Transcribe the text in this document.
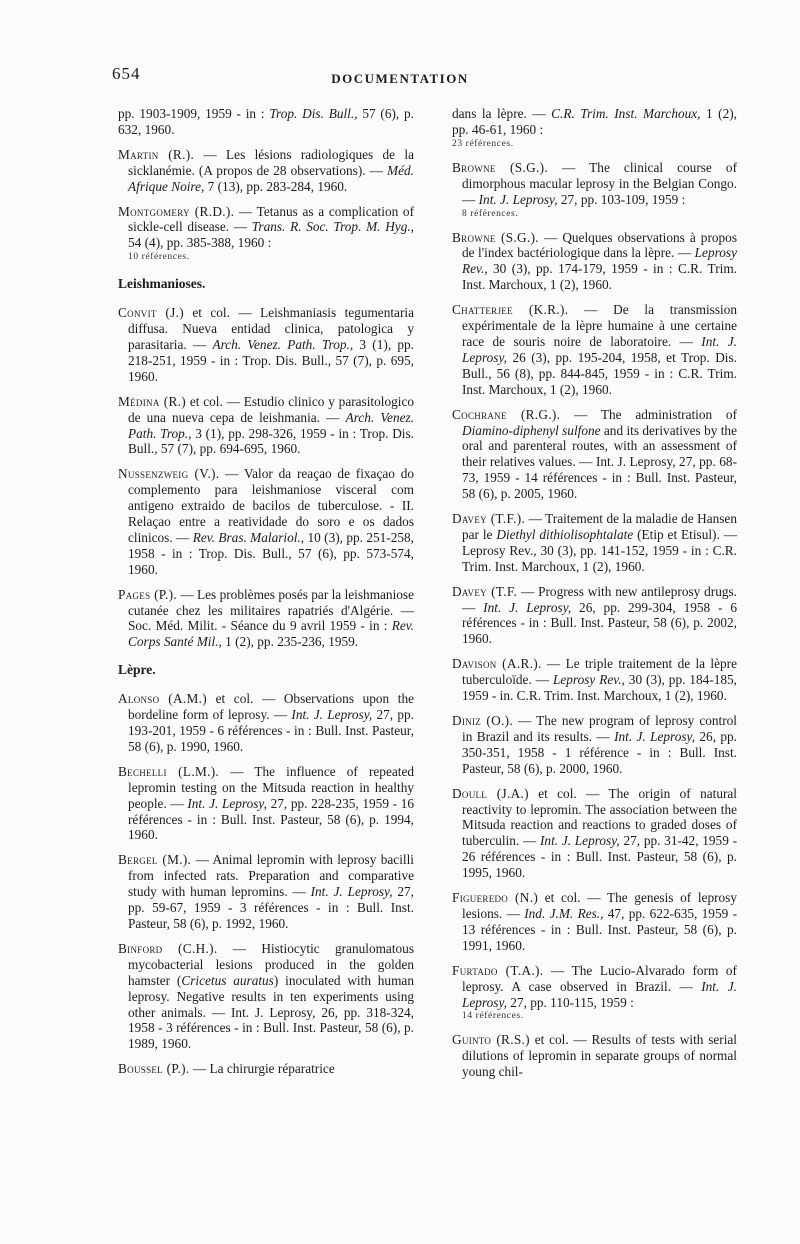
654	DOCUMENTATION
pp. 1903-1909, 1959 - in : Trop. Dis. Bull., 57 (6), p. 632, 1960.
Martin (R.). — Les lésions radiologiques de la sicklanémie. (A propos de 28 observations). — Méd. Afrique Noire, 7 (13), pp. 283-284, 1960.
Montgomery (R.D.). — Tetanus as a complication of sickle-cell disease. — Trans. R. Soc. Trop. M. Hyg., 54 (4), pp. 385-388, 1960 :
10 références.
Leishmanioses.
Convit (J.) et col. — Leishmaniasis tegumentaria diffusa. Nueva entidad clinica, patologica y parasitaria. — Arch. Venez. Path. Trop., 3 (1), pp. 218-251, 1959 - in : Trop. Dis. Bull., 57 (7), p. 695, 1960.
Médina (R.) et col. — Estudio clinico y parasitologico de una nueva cepa de leishmania. — Arch. Venez. Path. Trop., 3 (1), pp. 298-326, 1959 - in : Trop. Dis. Bull., 57 (7), pp. 694-695, 1960.
Nussenzweig (V.). — Valor da reaçao de fixaçao do complemento para leishmaniose visceral com antigeno extraido de bacilos de tuberculose. - II. Relaçao entre a reatividade do soro e os dados clinicos. — Rev. Bras. Malariol., 10 (3), pp. 251-258, 1958 - in : Trop. Dis. Bull., 57 (6), pp. 573-574, 1960.
Pages (P.). — Les problèmes posés par la leishmaniose cutanée chez les militaires rapatriés d'Algérie. — Soc. Méd. Milit. - Séance du 9 avril 1959 - in : Rev. Corps Santé Mil., 1 (2), pp. 235-236, 1959.
Lèpre.
Alonso (A.M.) et col. — Observations upon the bordeline form of leprosy. — Int. J. Leprosy, 27, pp. 193-201, 1959 - 6 références - in : Bull. Inst. Pasteur, 58 (6), p. 1990, 1960.
Bechelli (L.M.). — The influence of repeated lepromin testing on the Mitsuda reaction in healthy people. — Int. J. Leprosy, 27, pp. 228-235, 1959 - 16 références - in : Bull. Inst. Pasteur, 58 (6), p. 1994, 1960.
Bergel (M.). — Animal lepromin with leprosy bacilli from infected rats. Preparation and comparative study with human lepromins. — Int. J. Leprosy, 27, pp. 59-67, 1959 - 3 références - in : Bull. Inst. Pasteur, 58 (6), p. 1992, 1960.
Binford (C.H.). — Histiocytic granulomatous mycobacterial lesions produced in the golden hamster (Cricetus auratus) inoculated with human leprosy. Negative results in ten experiments using other animals. — Int. J. Leprosy, 26, pp. 318-324, 1958 - 3 références - in : Bull. Inst. Pasteur, 58 (6), p. 1989, 1960.
Boussel (P.). — La chirurgie réparatrice
dans la lèpre. — C.R. Trim. Inst. Marchoux, 1 (2), pp. 46-61, 1960 :
23 références.
Browne (S.G.). — The clinical course of dimorphous macular leprosy in the Belgian Congo. — Int. J. Leprosy, 27, pp. 103-109, 1959 :
8 références.
Browne (S.G.). — Quelques observations à propos de l'index bactériologique dans la lèpre. — Leprosy Rev., 30 (3), pp. 174-179, 1959 - in : C.R. Trim. Inst. Marchoux, 1 (2), 1960.
Chatterjee (K.R.). — De la transmission expérimentale de la lèpre humaine à une certaine race de souris noire de laboratoire. — Int. J. Leprosy, 26 (3), pp. 195-204, 1958, et Trop. Dis. Bull., 56 (8), pp. 844-845, 1959 - in : C.R. Trim. Inst. Marchoux, 1 (2), 1960.
Cochrane (R.G.). — The administration of Diamino-diphenyl sulfone and its derivatives by the oral and parenteral routes, with an assessment of their relatives values. — Int. J. Leprosy, 27, pp. 68-73, 1959 - 14 références - in : Bull. Inst. Pasteur, 58 (6), p. 2005, 1960.
Davey (T.F.). — Traitement de la maladie de Hansen par le Diethyl dithiolisophtalate (Etip et Etisul). — Leprosy Rev., 30 (3), pp. 141-152, 1959 - in : C.R. Trim. Inst. Marchoux, 1 (2), 1960.
Davey (T.F. — Progress with new antileprosy drugs. — Int. J. Leprosy, 26, pp. 299-304, 1958 - 6 références - in : Bull. Inst. Pasteur, 58 (6), p. 2002, 1960.
Davison (A.R.). — Le triple traitement de la lèpre tuberculoïde. — Leprosy Rev., 30 (3), pp. 184-185, 1959 - in. C.R. Trim. Inst. Marchoux, 1 (2), 1960.
Diniz (O.). — The new program of leprosy control in Brazil and its results. — Int. J. Leprosy, 26, pp. 350-351, 1958 - 1 référence - in : Bull. Inst. Pasteur, 58 (6), p. 2000, 1960.
Doull (J.A.) et col. — The origin of natural reactivity to lepromin. The association between the Mitsuda reaction and reactions to graded doses of tuberculin. — Int. J. Leprosy, 27, pp. 31-42, 1959 - 26 références - in : Bull. Inst. Pasteur, 58 (6), p. 1995, 1960.
Figueredo (N.) et col. — The genesis of leprosy lesions. — Ind. J.M. Res., 47, pp. 622-635, 1959 - 13 références - in : Bull. Inst. Pasteur, 58 (6), p. 1991, 1960.
Furtado (T.A.). — The Lucio-Alvarado form of leprosy. A case observed in Brazil. — Int. J. Leprosy, 27, pp. 110-115, 1959 :
14 références.
Guinto (R.S.) et col. — Results of tests with serial dilutions of lepromin in separate groups of normal young chil-
